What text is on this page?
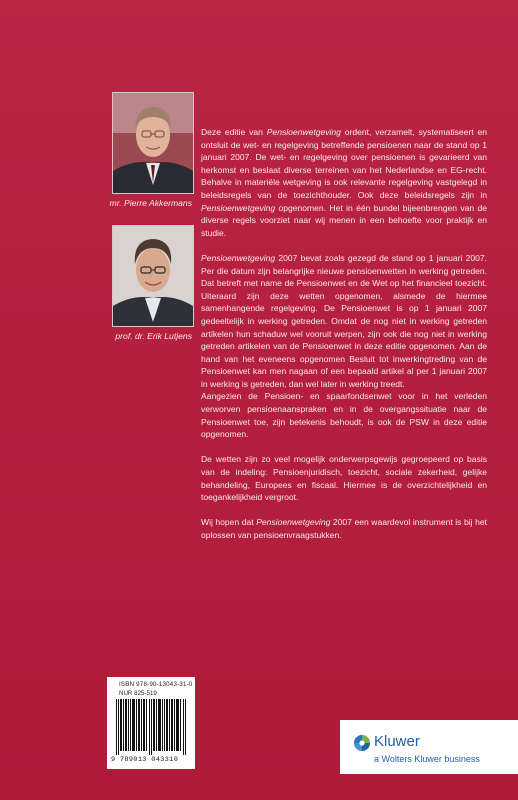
mr. Pierre Akkermans
prof. dr. Erik Lutjens

Deze editie van Pensioenwetgeving ordent, verzamelt, systematiseert en ontsluit de wet- en regelgeving betreffende pensioenen naar de stand op 1 januari 2007. De wet- en regelgeving over pensioenen is gevarieerd van herkomst en beslaat diverse terreinen van het Nederlandse en EG-recht. Behalve in materiële wetgeving is ook relevante regelgeving vastgelegd in beleidsregels van de toezichthouder. Ook deze beleidsregels zijn in Pensioenwetgeving opgenomen. Het in één bundel bijeenbrengen van de diverse regels voorziet naar wij menen in een behoefte voor praktijk en studie.

Pensioenwetgeving 2007 bevat zoals gezegd de stand op 1 januari 2007. Per die datum zijn belangrijke nieuwe pensioenwetten in werking getreden. Dat betreft met name de Pensioenwet en de Wet op het financieel toezicht. Uiteraard zijn deze wetten opgenomen, alsmede de hiermee samenhangende regelgeving. De Pensioenwet is op 1 januari 2007 gedeeltelijk in werking getreden. Omdat de nog niet in werking getreden artikelen hun schaduw wel vooruit werpen, zijn ook die nog niet in werking getreden artikelen van de Pensioenwet in deze editie opgenomen. Aan de hand van het eveneens opgenomen Besluit tot inwerkingtreding van de Pensioenwet kan men nagaan of een bepaald artikel al per 1 januari 2007 in werking is getreden, dan wel later in werking treedt.

Aangezien de Pensioen- en spaarfondsenwet voor in het verleden verworven pensioenaanspraken en in de overgangssituatie naar de Pensioenwet toe, zijn betekenis behoudt, is ook de PSW in deze editie opgenomen.

De wetten zijn zo veel mogelijk onderwerpsgewijs gegroepeerd op basis van de indeling: Pensioenjuridisch, toezicht, sociale zekerheid, gelijke behandeling, Europees en fiscaal. Hiermee is de overzichtelijkheid en toegankelijkheid vergroot.

Wij hopen dat Pensioenwetgeving 2007 een waardevol instrument is bij het oplossen van pensioenvraagstukken.

ISBN 978-90-13043-31-0
NUR 825-519
9 789013 043310
Kluwer
a Wolters Kluwer business
